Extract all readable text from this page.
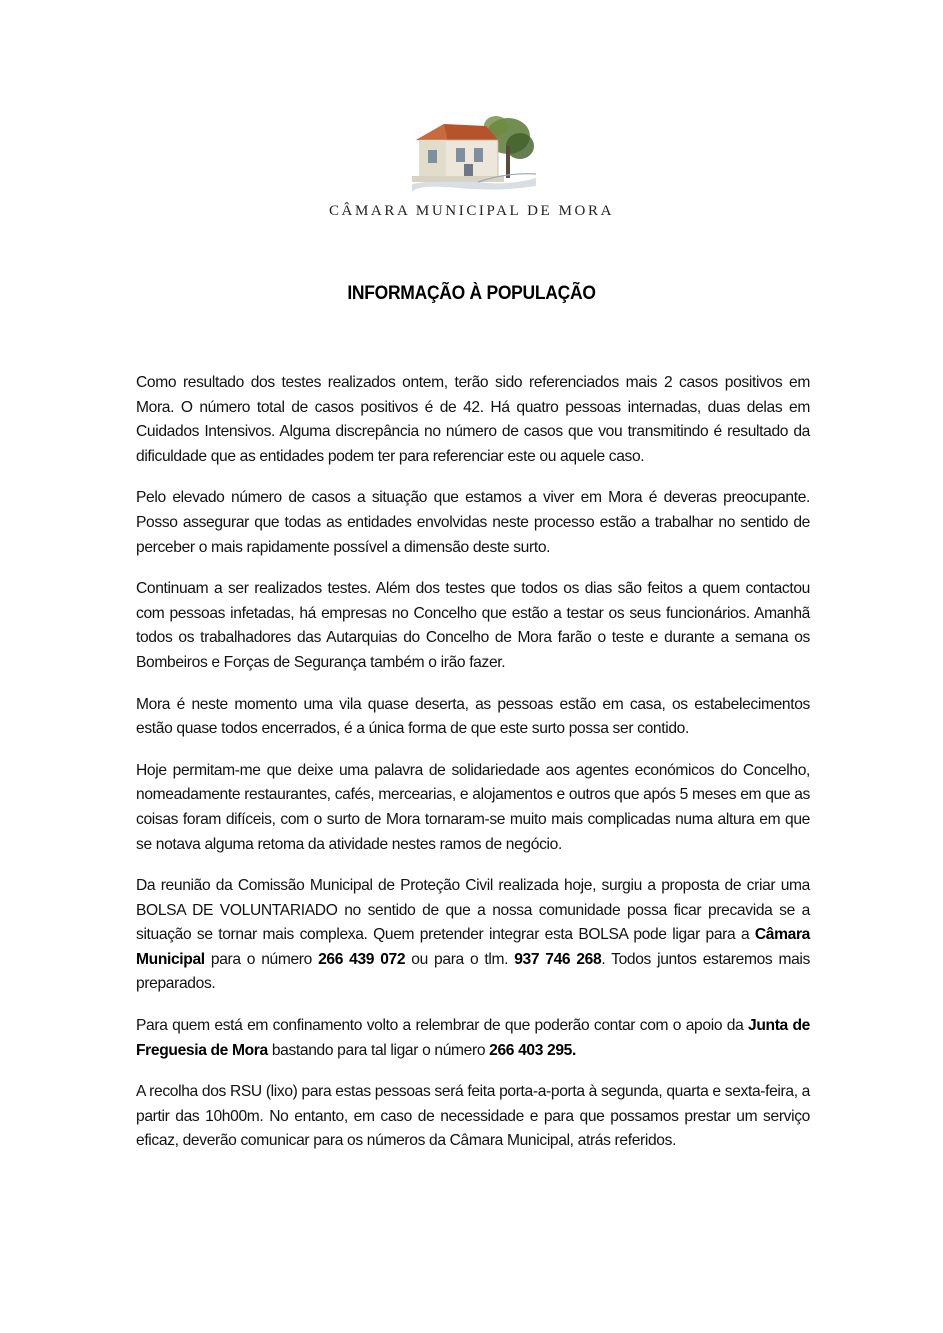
CÂMARA MUNICIPAL DE MORA
INFORMAÇÃO À POPULAÇÃO

Como resultado dos testes realizados ontem, terão sido referenciados mais 2 casos positivos em Mora. O número total de casos positivos é de 42. Há quatro pessoas internadas, duas delas em Cuidados Intensivos. Alguma discrepância no número de casos que vou transmitindo é resultado da dificuldade que as entidades podem ter para referenciar este ou aquele caso.

Pelo elevado número de casos a situação que estamos a viver em Mora é deveras preocupante. Posso assegurar que todas as entidades envolvidas neste processo estão a trabalhar no sentido de perceber o mais rapidamente possível a dimensão deste surto.

Continuam a ser realizados testes. Além dos testes que todos os dias são feitos a quem contactou com pessoas infetadas, há empresas no Concelho que estão a testar os seus funcionários. Amanhã todos os trabalhadores das Autarquias do Concelho de Mora farão o teste e durante a semana os Bombeiros e Forças de Segurança também o irão fazer.

Mora é neste momento uma vila quase deserta, as pessoas estão em casa, os estabelecimentos estão quase todos encerrados, é a única forma de que este surto possa ser contido.

Hoje permitam-me que deixe uma palavra de solidariedade aos agentes económicos do Concelho, nomeadamente restaurantes, cafés, mercearias, e alojamentos e outros que após 5 meses em que as coisas foram difíceis, com o surto de Mora tornaram-se muito mais complicadas numa altura em que se notava alguma retoma da atividade nestes ramos de negócio.

Da reunião da Comissão Municipal de Proteção Civil realizada hoje, surgiu a proposta de criar uma BOLSA DE VOLUNTARIADO no sentido de que a nossa comunidade possa ficar precavida se a situação se tornar mais complexa. Quem pretender integrar esta BOLSA pode ligar para a Câmara Municipal para o número 266 439 072 ou para o tlm. 937 746 268. Todos juntos estaremos mais preparados.

Para quem está em confinamento volto a relembrar de que poderão contar com o apoio da Junta de Freguesia de Mora bastando para tal ligar o número 266 403 295.

A recolha dos RSU (lixo) para estas pessoas será feita porta-a-porta à segunda, quarta e sexta-feira, a partir das 10h00m. No entanto, em caso de necessidade e para que possamos prestar um serviço eficaz, deverão comunicar para os números da Câmara Municipal, atrás referidos.
